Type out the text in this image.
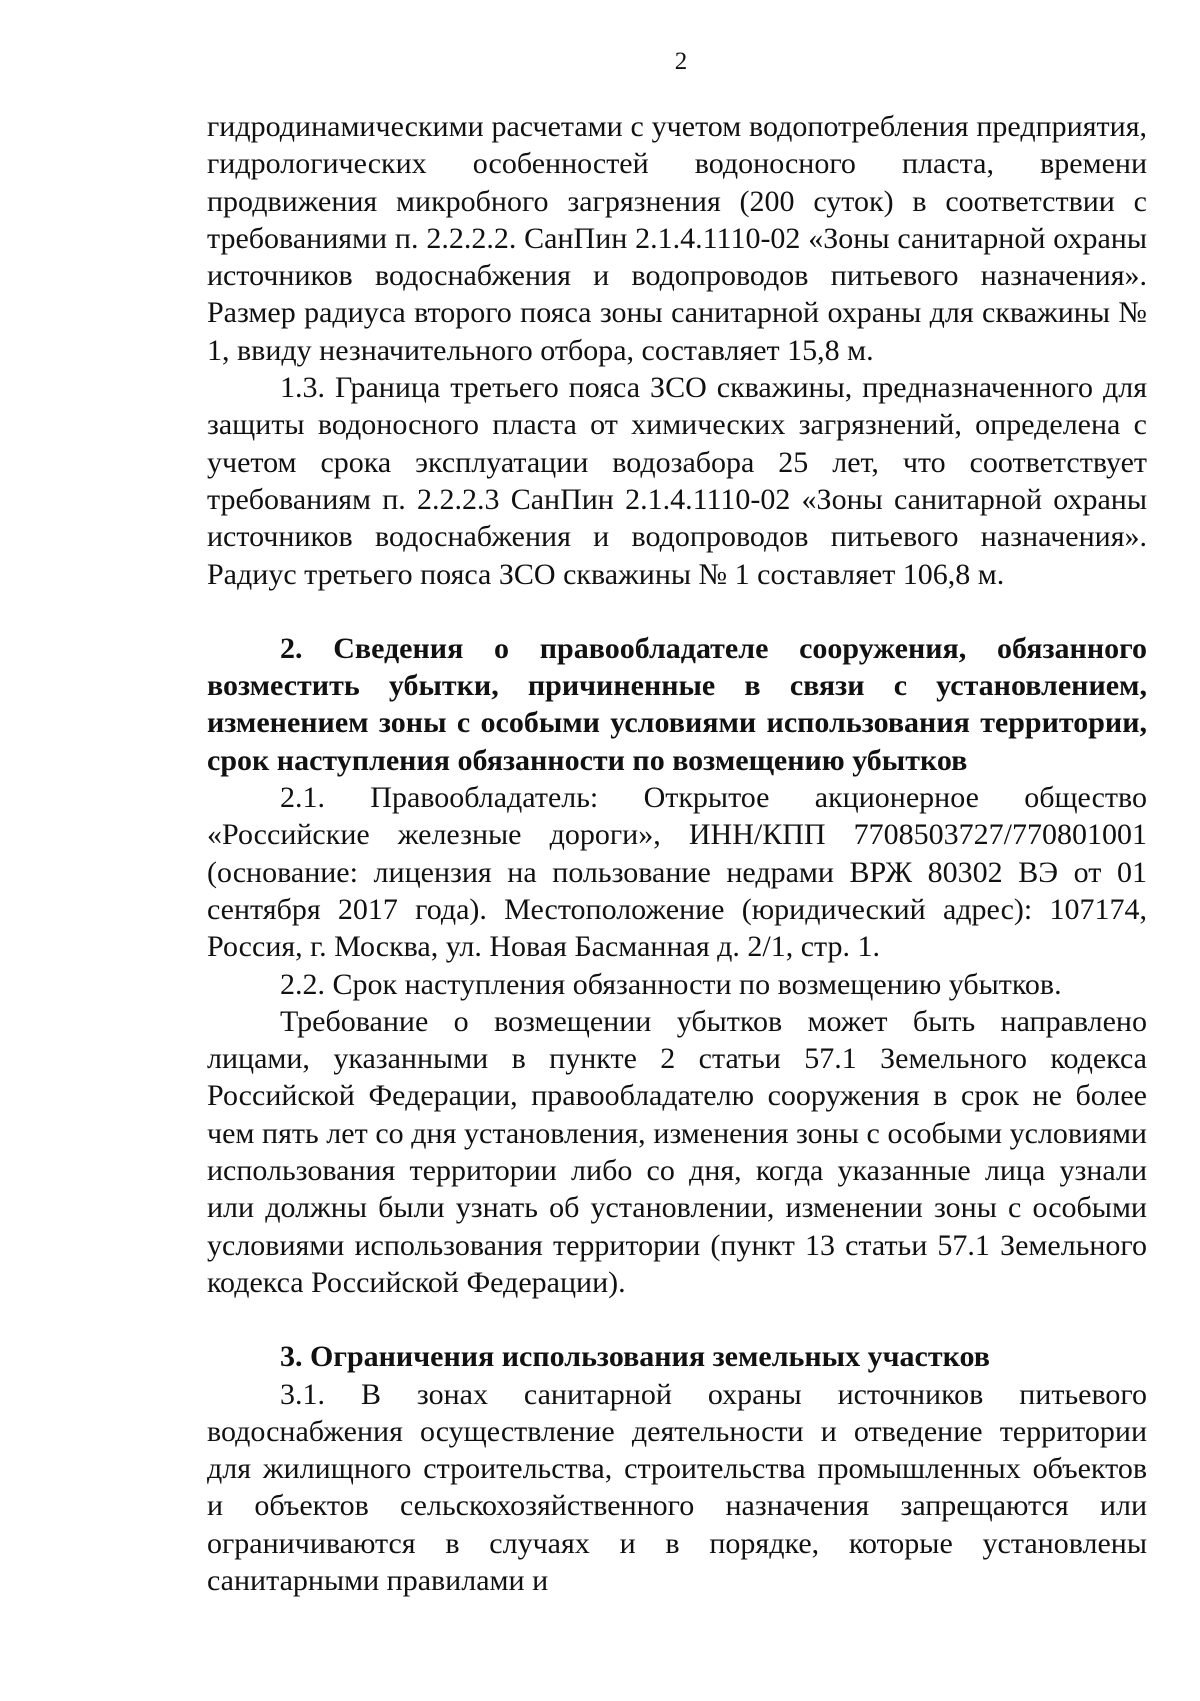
2

гидродинамическими расчетами с учетом водопотребления предприятия, гидрологических особенностей водоносного пласта, времени продвижения микробного загрязнения (200 суток) в соответствии с требованиями п. 2.2.2.2. СанПин 2.1.4.1110-02 «Зоны санитарной охраны источников водоснабжения и водопроводов питьевого назначения». Размер радиуса второго пояса зоны санитарной охраны для скважины № 1, ввиду незначительного отбора, составляет 15,8 м.

1.3. Граница третьего пояса ЗСО скважины, предназначенного для защиты водоносного пласта от химических загрязнений, определена с учетом срока эксплуатации водозабора 25 лет, что соответствует требованиям п. 2.2.2.3 СанПин 2.1.4.1110-02 «Зоны санитарной охраны источников водоснабжения и водопроводов питьевого назначения». Радиус третьего пояса ЗСО скважины № 1 составляет 106,8 м.

2. Сведения о правообладателе сооружения, обязанного возместить убытки, причиненные в связи с установлением, изменением зоны с особыми условиями использования территории, срок наступления обязанности по возмещению убытков

2.1. Правообладатель: Открытое акционерное общество «Российские железные дороги», ИНН/КПП 7708503727/770801001 (основание: лицензия на пользование недрами ВРЖ 80302 ВЭ от 01 сентября 2017 года). Местоположение (юридический адрес): 107174, Россия, г. Москва, ул. Новая Басманная д. 2/1, стр. 1.

2.2. Срок наступления обязанности по возмещению убытков.

Требование о возмещении убытков может быть направлено лицами, указанными в пункте 2 статьи 57.1 Земельного кодекса Российской Федерации, правообладателю сооружения в срок не более чем пять лет со дня установления, изменения зоны с особыми условиями использования территории либо со дня, когда указанные лица узнали или должны были узнать об установлении, изменении зоны с особыми условиями использования территории (пункт 13 статьи 57.1 Земельного кодекса Российской Федерации).

3. Ограничения использования земельных участков

3.1. В зонах санитарной охраны источников питьевого водоснабжения осуществление деятельности и отведение территории для жилищного строительства, строительства промышленных объектов и объектов сельскохозяйственного назначения запрещаются или ограничиваются в случаях и в порядке, которые установлены санитарными правилами и
